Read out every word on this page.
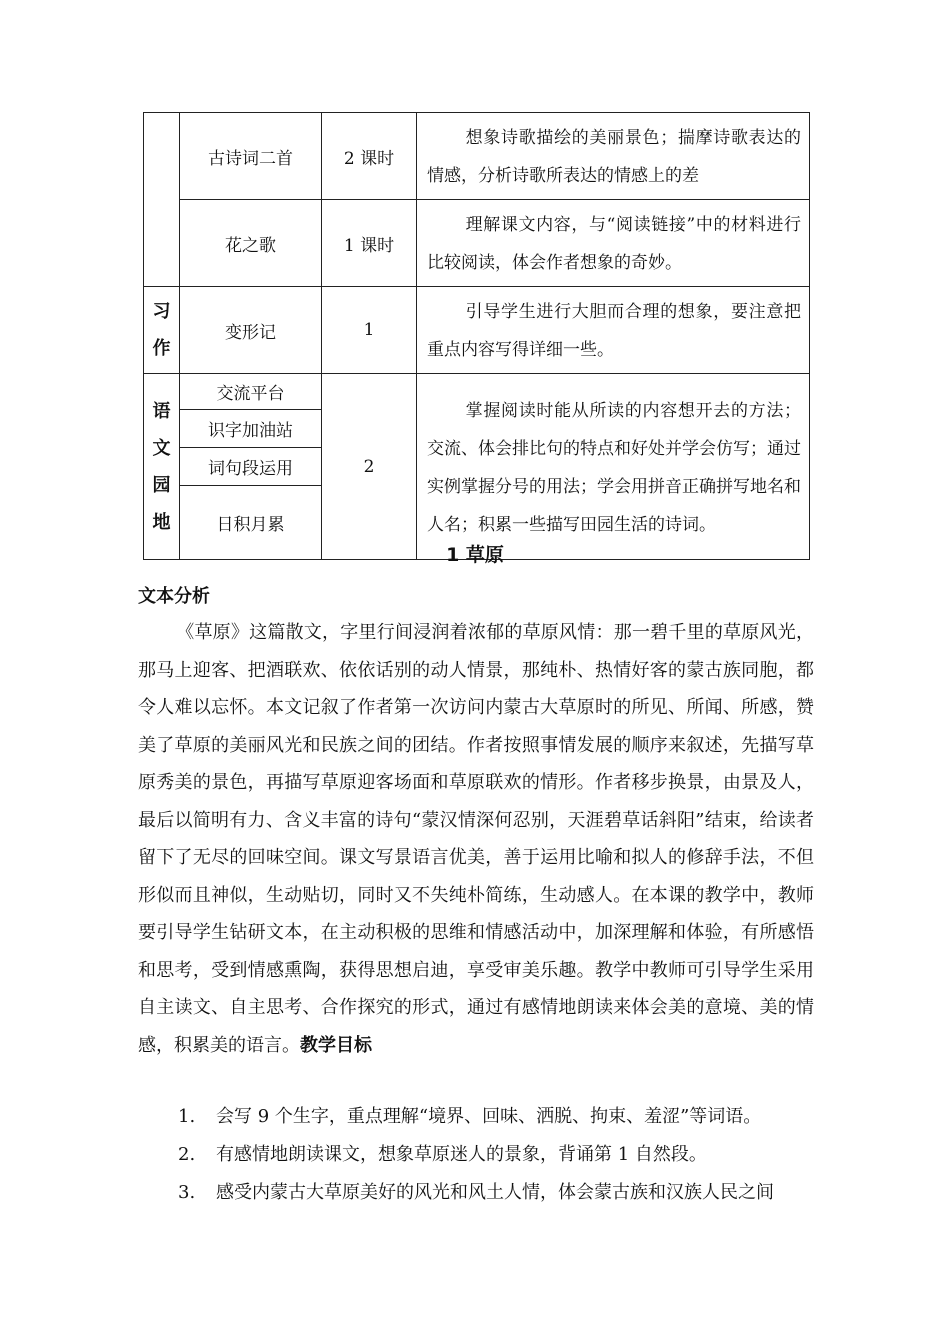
	古诗词二首	2 课时	想象诗歌描绘的美丽景色；揣摩诗歌表达的情感，分析诗歌所表达的情感上的差

	花之歌	1 课时	理解课文内容，与“阅读链接”中的材料进行比较阅读，体会作者想象的奇妙。

习
作	变形记	1	引导学生进行大胆而合理的想象，要注意把重点内容写得详细一些。

语
文
园
地	交流平台	2	掌握阅读时能从所读的内容想开去的方法；交流、体会排比句的特点和好处并学会仿写；通过实例掌握分号的用法；学会用拼音正确拼写地名和人名；积累一些描写田园生活的诗词。
	识字加油站		
	词句段运用		
	日积月累		
1 草原
文本分析

《草原》这篇散文，字里行间浸润着浓郁的草原风情：那一碧千里的草原风光，那马上迎客、把酒联欢、依依话别的动人情景，那纯朴、热情好客的蒙古族同胞，都令人难以忘怀。本文记叙了作者第一次访问内蒙古大草原时的所见、所闻、所感，赞美了草原的美丽风光和民族之间的团结。作者按照事情发展的顺序来叙述，先描写草原秀美的景色，再描写草原迎客场面和草原联欢的情形。作者移步换景，由景及人，最后以简明有力、含义丰富的诗句“蒙汉情深何忍别，天涯碧草话斜阳”结束，给读者留下了无尽的回味空间。课文写景语言优美，善于运用比喻和拟人的修辞手法，不但形似而且神似，生动贴切，同时又不失纯朴简练，生动感人。在本课的教学中，教师要引导学生钻研文本，在主动积极的思维和情感活动中，加深理解和体验，有所感悟和思考，受到情感熏陶，获得思想启迪，享受审美乐趣。教学中教师可引导学生采用自主读文、自主思考、合作探究的形式，通过有感情地朗读来体会美的意境、美的情感，积累美的语言。教学目标

1. 会写 9 个生字，重点理解“境界、回味、洒脱、拘束、羞涩”等词语。
2. 有感情地朗读课文，想象草原迷人的景象，背诵第 1 自然段。
3. 感受内蒙古大草原美好的风光和风土人情，体会蒙古族和汉族人民之间
